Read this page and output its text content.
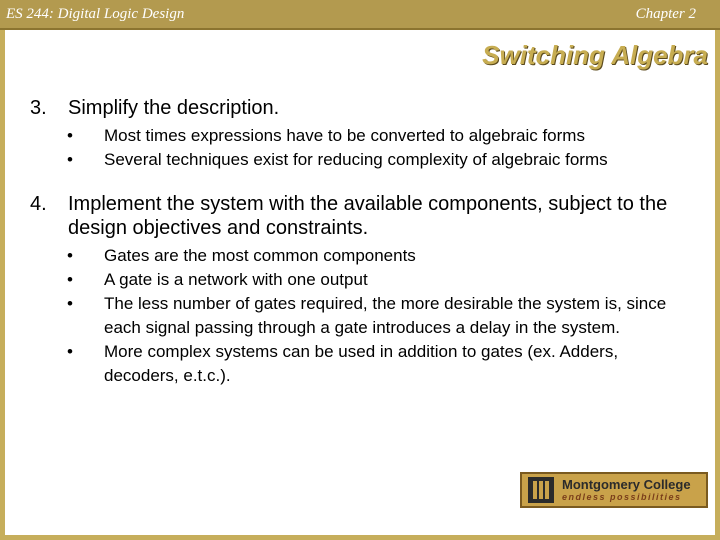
ES 244: Digital Logic Design	Chapter 2
Switching Algebra
3.	Simplify the description.
•	Most times expressions have to be converted to algebraic forms
•	Several techniques exist for reducing complexity of algebraic forms
4.	Implement the system with the available components, subject to the design objectives and constraints.
•	Gates are the most common components
•	A gate is a network with one output
•	The less number of gates required, the more desirable the system is, since each signal passing through a gate introduces a delay in the system.
•	More complex systems can be used in addition to gates (ex. Adders, decoders, e.t.c.).
Montgomery College
endless possibilities
